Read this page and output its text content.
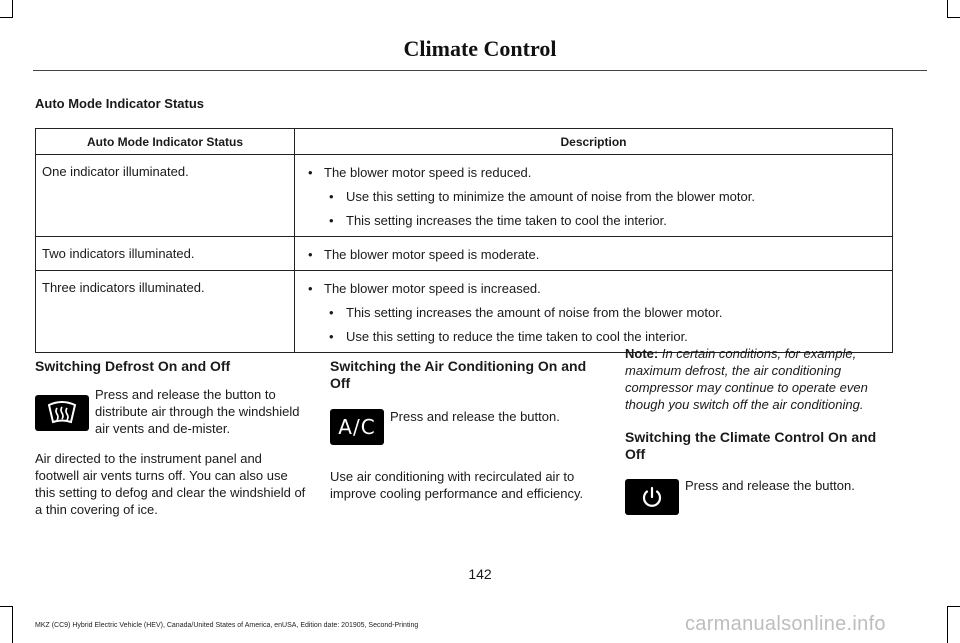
Climate Control
Auto Mode Indicator Status
Auto Mode Indicator Status	Description
One indicator illuminated.	• The blower motor speed is reduced.
• Use this setting to minimize the amount of noise from the blower motor.
• This setting increases the time taken to cool the interior.

Two indicators illuminated.	• The blower motor speed is moderate.

Three indicators illuminated.	• The blower motor speed is increased.
• This setting increases the amount of noise from the blower motor.
• Use this setting to reduce the time taken to cool the interior.
Switching Defrost On and Off
Press and release the button to distribute air through the windshield air vents and de-mister.
Air directed to the instrument panel and footwell air vents turns off. You can also use this setting to defog and clear the windshield of a thin covering of ice.
Switching the Air Conditioning On and Off
A/C Press and release the button.
Use air conditioning with recirculated air to improve cooling performance and efficiency.
Note: In certain conditions, for example, maximum defrost, the air conditioning compressor may continue to operate even though you switch off the air conditioning.
Switching the Climate Control On and Off
Press and release the button.
142
MKZ (CC9) Hybrid Electric Vehicle (HEV), Canada/United States of America, enUSA, Edition date: 201905, Second-Printing	carmanualsonline.info
